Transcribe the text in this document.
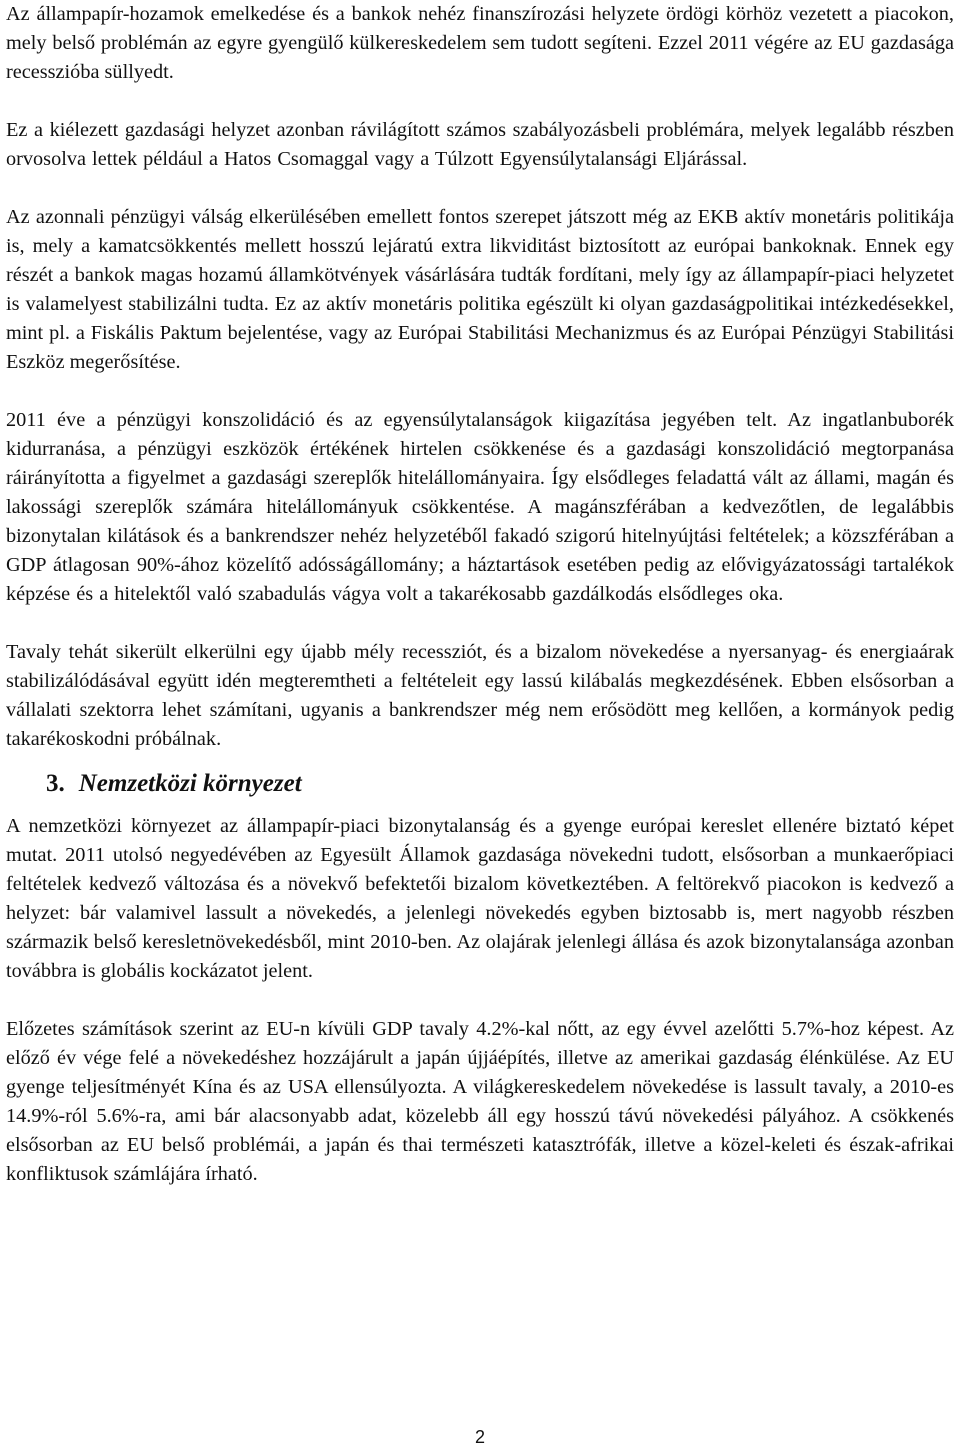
Az állampapír-hozamok emelkedése és a bankok nehéz finanszírozási helyzete ördögi körhöz vezetett a piacokon, mely belső problémán az egyre gyengülő külkereskedelem sem tudott segíteni. Ezzel 2011 végére az EU gazdasága recesszióba süllyedt.

Ez a kiélezett gazdasági helyzet azonban rávilágított számos szabályozásbeli problémára, melyek legalább részben orvosolva lettek például a Hatos Csomaggal vagy a Túlzott Egyensúlytalansági Eljárással.

Az azonnali pénzügyi válság elkerülésében emellett fontos szerepet játszott még az EKB aktív monetáris politikája is, mely a kamatcsökkentés mellett hosszú lejáratú extra likviditást biztosított az európai bankoknak. Ennek egy részét a bankok magas hozamú államkötvények vásárlására tudták fordítani, mely így az állampapír-piaci helyzetet is valamelyest stabilizálni tudta. Ez az aktív monetáris politika egészült ki olyan gazdaságpolitikai intézkedésekkel, mint pl. a Fiskális Paktum bejelentése, vagy az Európai Stabilitási Mechanizmus és az Európai Pénzügyi Stabilitási Eszköz megerősítése.

2011 éve a pénzügyi konszolidáció és az egyensúlytalanságok kiigazítása jegyében telt. Az ingatlanbuborék kidurranása, a pénzügyi eszközök értékének hirtelen csökkenése és a gazdasági konszolidáció megtorpanása ráirányította a figyelmet a gazdasági szereplők hitelállományaira. Így elsődleges feladattá vált az állami, magán és lakossági szereplők számára hitelállományuk csökkentése. A magánszférában a kedvezőtlen, de legalábbis bizonytalan kilátások és a bankrendszer nehéz helyzetéből fakadó szigorú hitelnyújtási feltételek; a közszférában a GDP átlagosan 90%-ához közelítő adósságállomány; a háztartások esetében pedig az elővigyázatossági tartalékok képzése és a hitelektől való szabadulás vágya volt a takarékosabb gazdálkodás elsődleges oka.

Tavaly tehát sikerült elkerülni egy újabb mély recessziót, és a bizalom növekedése a nyersanyag- és energiaárak stabilizálódásával együtt idén megteremtheti a feltételeit egy lassú kilábalás megkezdésének. Ebben elsősorban a vállalati szektorra lehet számítani, ugyanis a bankrendszer még nem erősödött meg kellően, a kormányok pedig takarékoskodni próbálnak.

3. Nemzetközi környezet

A nemzetközi környezet az állampapír-piaci bizonytalanság és a gyenge európai kereslet ellenére biztató képet mutat. 2011 utolsó negyedévében az Egyesült Államok gazdasága növekedni tudott, elsősorban a munkaerőpiaci feltételek kedvező változása és a növekvő befektetői bizalom következtében. A feltörekvő piacokon is kedvező a helyzet: bár valamivel lassult a növekedés, a jelenlegi növekedés egyben biztosabb is, mert nagyobb részben származik belső keresletnövekedésből, mint 2010-ben. Az olajárak jelenlegi állása és azok bizonytalansága azonban továbbra is globális kockázatot jelent.

Előzetes számítások szerint az EU-n kívüli GDP tavaly 4.2%-kal nőtt, az egy évvel azelőtti 5.7%-hoz képest. Az előző év vége felé a növekedéshez hozzájárult a japán újjáépítés, illetve az amerikai gazdaság élénkülése. Az EU gyenge teljesítményét Kína és az USA ellensúlyozta. A világkereskedelem növekedése is lassult tavaly, a 2010-es 14.9%-ról 5.6%-ra, ami bár alacsonyabb adat, közelebb áll egy hosszú távú növekedési pályához. A csökkenés elsősorban az EU belső problémái, a japán és thai természeti katasztrófák, illetve a közel-keleti és észak-afrikai konfliktusok számlájára írható.

2
